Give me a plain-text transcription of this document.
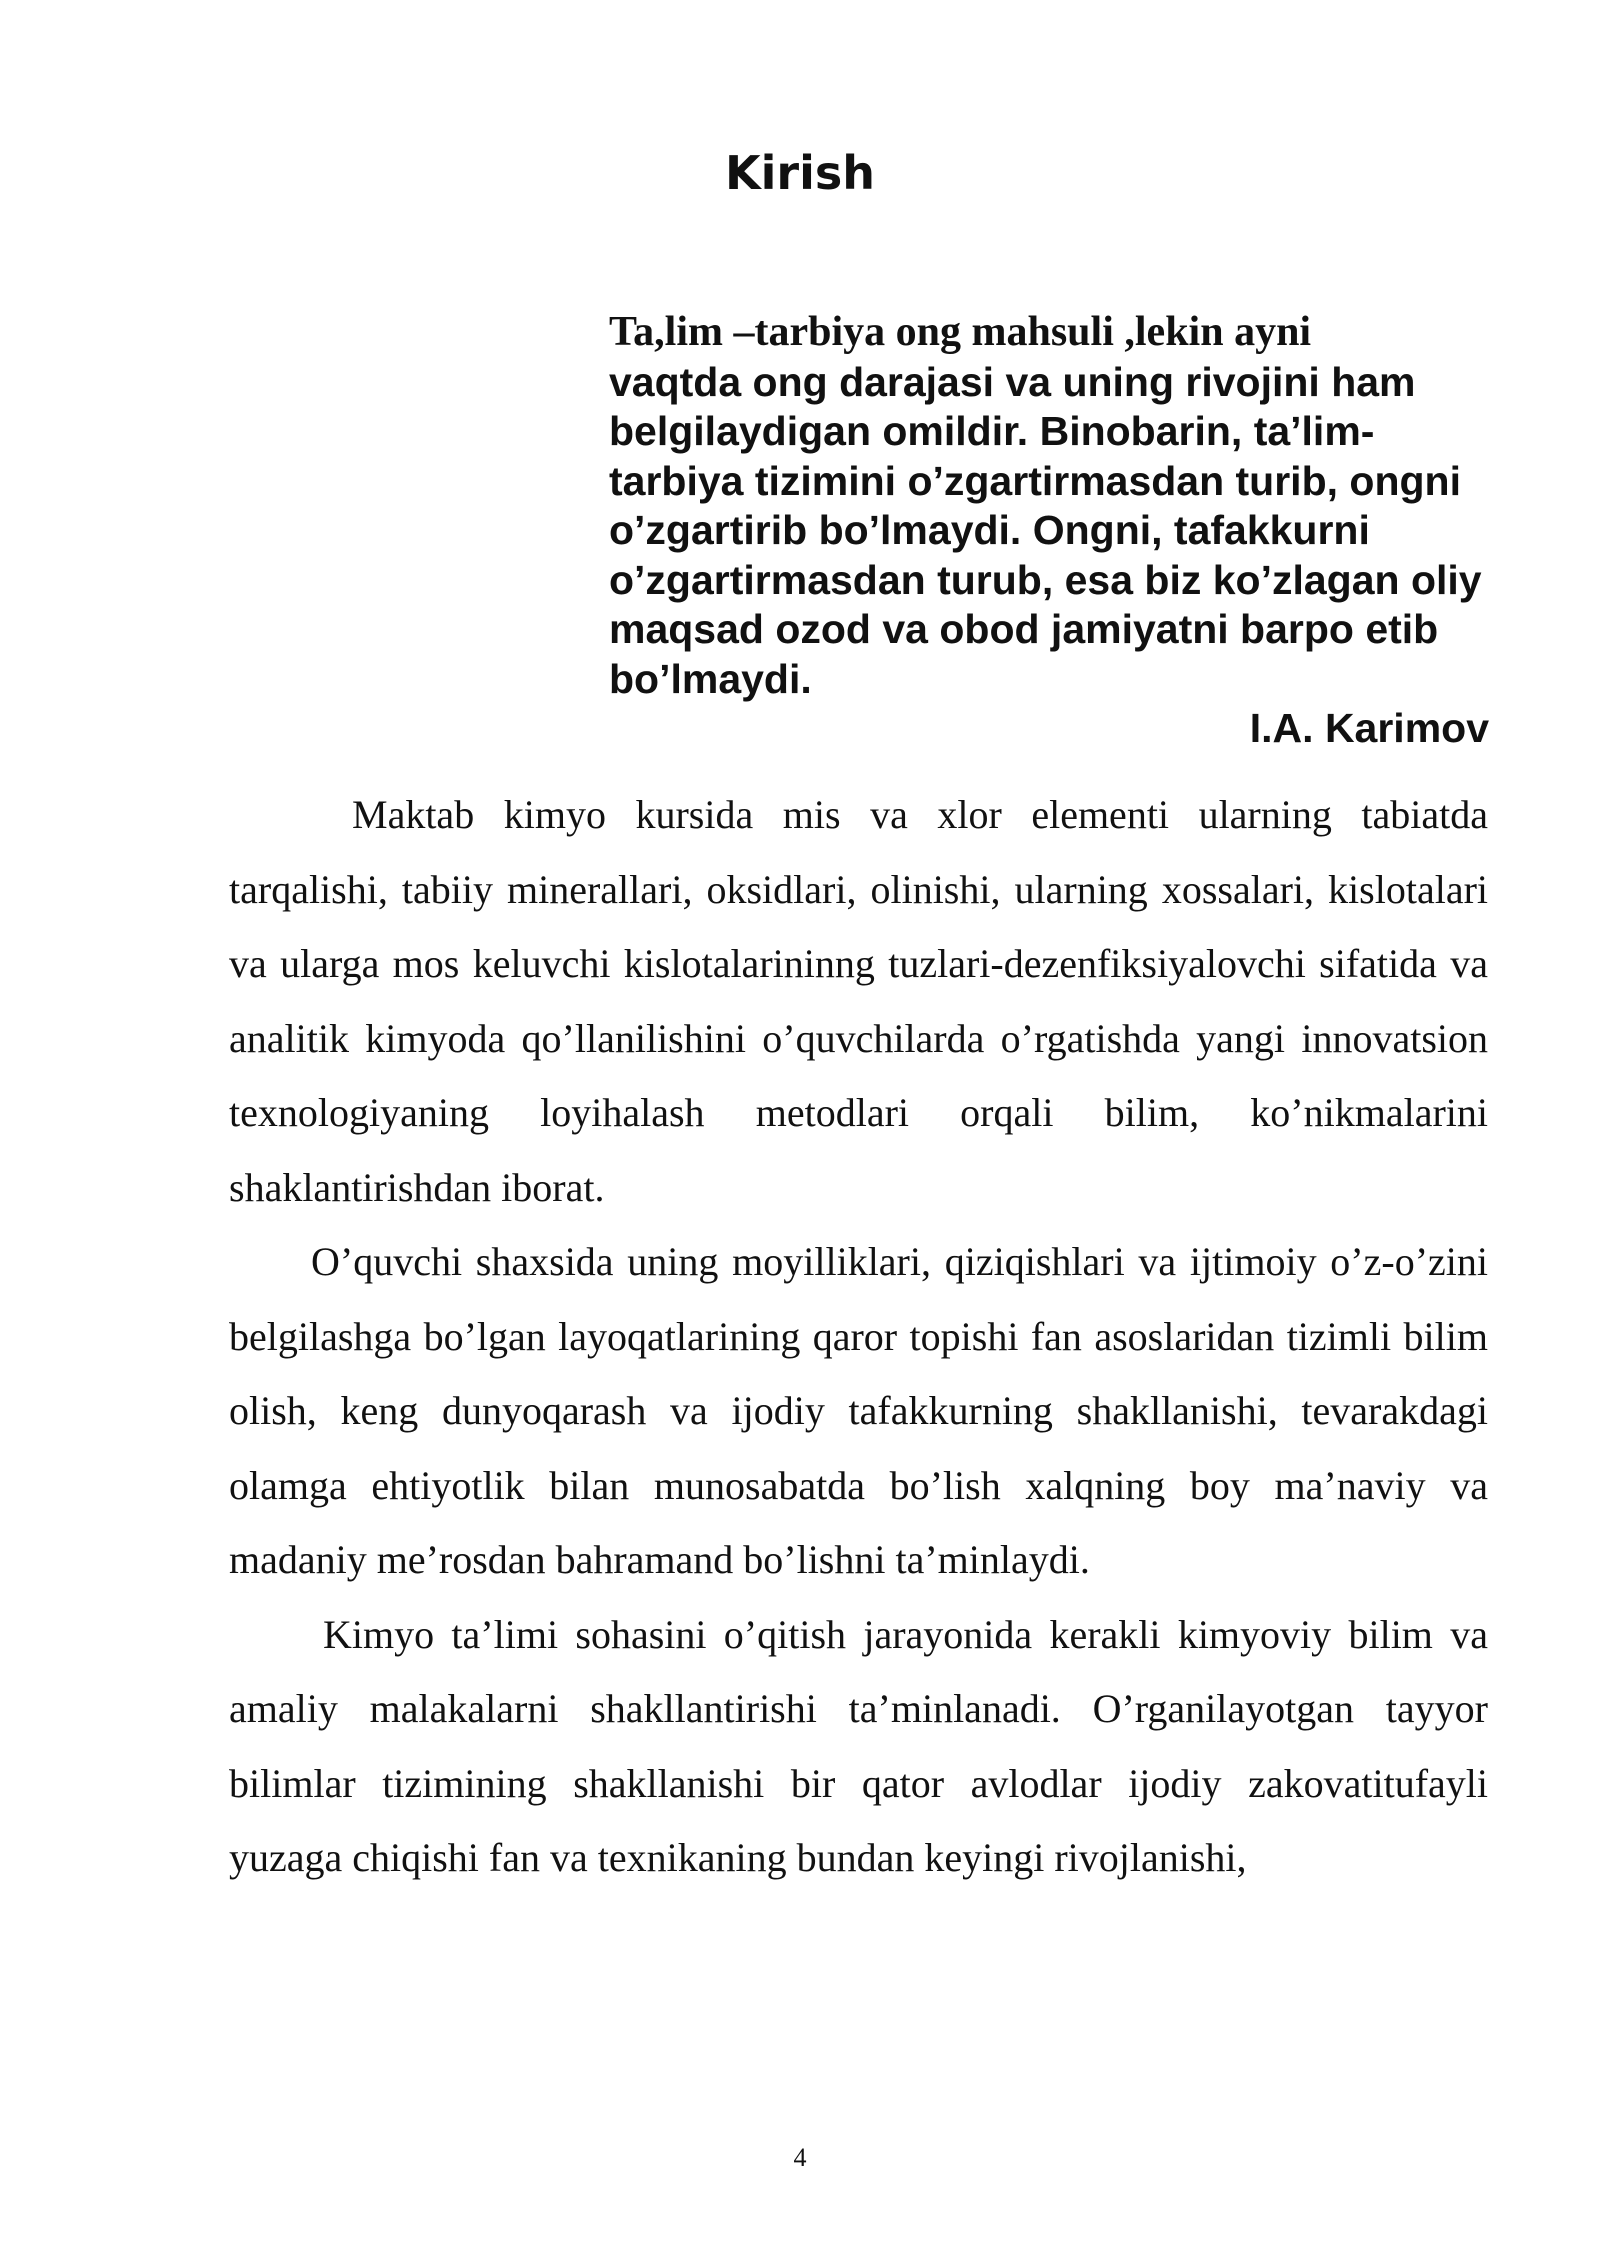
Kirish
Ta,lim –tarbiya ong mahsuli ,lekin ayni
vaqtda ong darajasi va uning rivojini ham belgilaydigan omildir. Binobarin, ta’lim-tarbiya tizimini o’zgartirmasdan turib, ongni o’zgartirib bo’lmaydi. Ongni, tafakkurni o’zgartirmasdan turub, esa biz ko’zlagan oliy maqsad ozod va obod jamiyatni barpo etib bo’lmaydi.
I.A. Karimov

Maktab kimyo kursida mis va xlor elementi ularning tabiatda tarqalishi, tabiiy minerallari, oksidlari, olinishi, ularning xossalari, kislotalari va ularga mos keluvchi kislotalarininng tuzlari-dezenfiksiyalovchi sifatida va analitik kimyoda qo’llanilishini o’quvchilarda o’rgatishda yangi innovatsion texnologiyaning loyihalash metodlari orqali bilim, ko’nikmalarini shaklantirishdan iborat.

O’quvchi shaxsida uning moyilliklari, qiziqishlari va ijtimoiy o’z-o’zini belgilashga bo’lgan layoqatlarining qaror topishi fan asoslaridan tizimli bilim olish, keng dunyoqarash va ijodiy tafakkurning shakllanishi, tevarakdagi olamga ehtiyotlik bilan munosabatda bo’lish xalqning boy ma’naviy va madaniy me’rosdan bahramand bo’lishni ta’minlaydi.

Kimyo ta’limi sohasini o’qitish jarayonida kerakli kimyoviy bilim va amaliy malakalarni shakllantirishi ta’minlanadi. O’rganilayotgan tayyor bilimlar tizimining shakllanishi bir qator avlodlar ijodiy zakovatitufayli yuzaga chiqishi fan va texnikaning bundan keyingi rivojlanishi,

4
